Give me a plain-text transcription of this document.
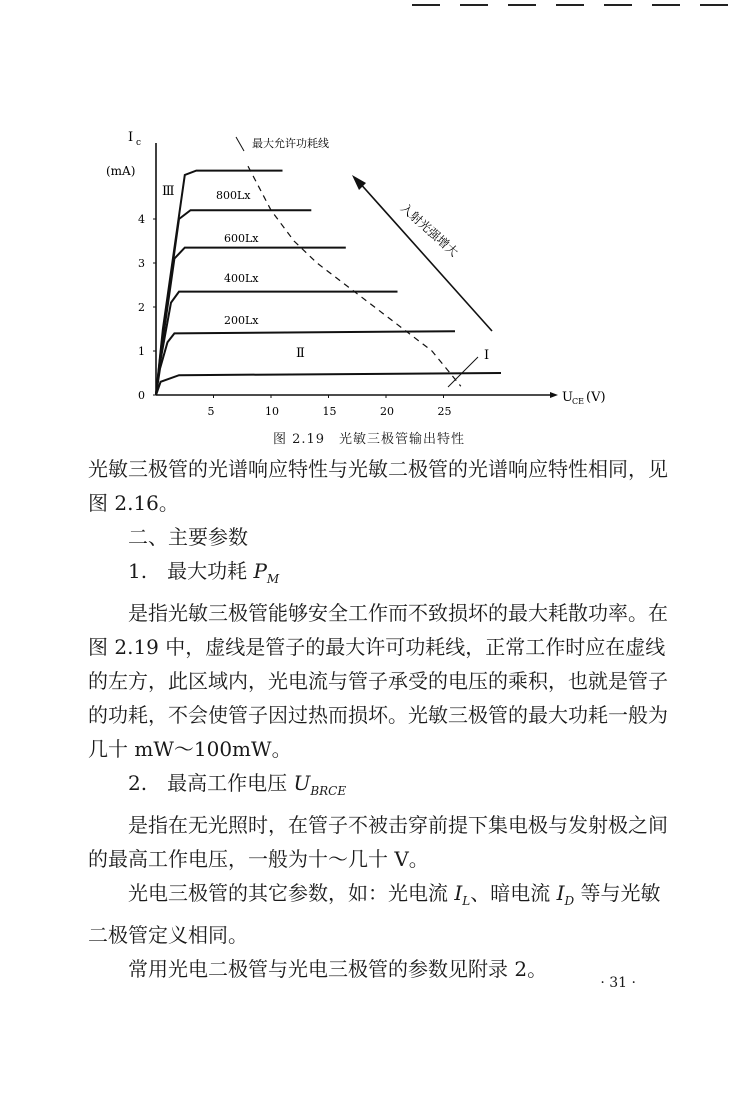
0
1
2
3
4
5	10	15	20	25
I c
(mA)
U CE (V)
最大允许功耗线
Ⅲ
Ⅱ	Ⅰ
800Lx
600Lx
400Lx
200Lx
入射光强增大
图 2.19　光敏三极管输出特性

光敏三极管的光谱响应特性与光敏二极管的光谱响应特性相同，见图 2.16。

二、主要参数

1.　最大功耗 $P_M$

是指光敏三极管能够安全工作而不致损坏的最大耗散功率。在图 2.19 中，虚线是管子的最大许可功耗线，正常工作时应在虚线的左方，此区域内，光电流与管子承受的电压的乘积，也就是管子的功耗，不会使管子因过热而损坏。光敏三极管的最大功耗一般为几十 mW～100mW。

2.　最高工作电压 $U_{BRCE}$

是指在无光照时，在管子不被击穿前提下集电极与发射极之间的最高工作电压，一般为十～几十 V。

光电三极管的其它参数，如：光电流 $I_L$、暗电流 $I_D$ 等与光敏二极管定义相同。

常用光电二极管与光电三极管的参数见附录 2。

· 31 ·
